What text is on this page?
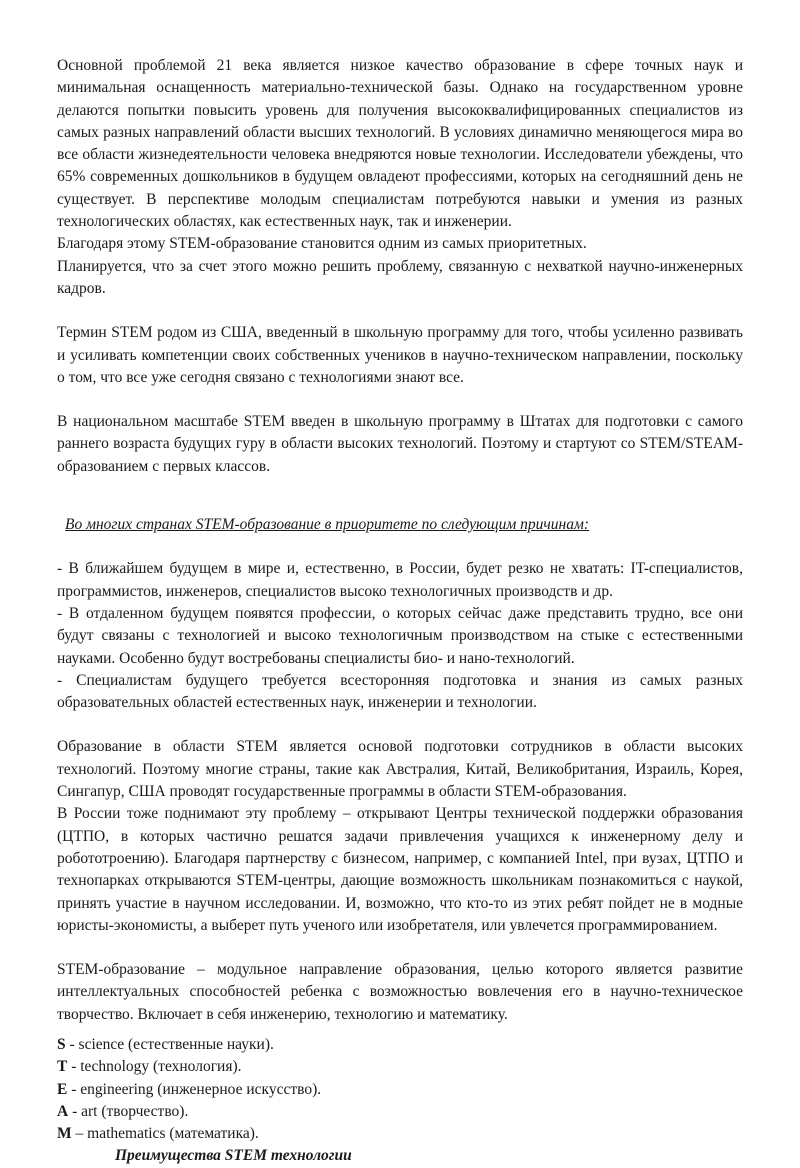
Основной проблемой 21 века является низкое качество образование в сфере точных наук и минимальная оснащенность материально-технической базы. Однако на государственном уровне делаются попытки повысить уровень для получения высококвалифицированных специалистов из самых разных направлений области высших технологий. В условиях динамично меняющегося мира во все области жизнедеятельности человека внедряются новые технологии. Исследователи убеждены, что 65% современных дошкольников в будущем овладеют профессиями, которых на сегодняшний день не существует. В перспективе молодым специалистам потребуются навыки и умения из разных технологических областях, как естественных наук, так и инженерии.

Благодаря этому STEM-образование становится одним из самых приоритетных.

Планируется, что за счет этого можно решить проблему, связанную с нехваткой научно-инженерных кадров.

Термин STEM родом из США, введенный в школьную программу для того, чтобы усиленно развивать и усиливать компетенции своих собственных учеников в научно-техническом направлении, поскольку о том, что все уже сегодня связано с технологиями знают все.

В национальном масштабе STEM введен в школьную программу в Штатах для подготовки с самого раннего возраста будущих гуру в области высоких технологий. Поэтому и стартуют со STEM/STEAM-образованием с первых классов.

Во многих странах STEM-образование в приоритете по следующим причинам:

- В ближайшем будущем в мире и, естественно, в России, будет резко не хватать: IT-специалистов, программистов, инженеров, специалистов высоко технологичных производств и др.

- В отдаленном будущем появятся профессии, о которых сейчас даже представить трудно, все они будут связаны с технологией и высоко технологичным производством на стыке с естественными науками. Особенно будут востребованы специалисты био- и нано-технологий.

- Специалистам будущего требуется всесторонняя подготовка и знания из самых разных образовательных областей естественных наук, инженерии и технологии.

Образование в области STEM является основой подготовки сотрудников в области высоких технологий. Поэтому многие страны, такие как Австралия, Китай, Великобритания, Израиль, Корея, Сингапур, США проводят государственные программы в области STEM-образования.

В России тоже поднимают эту проблему – открывают Центры технической поддержки образования (ЦТПО, в которых частично решатся задачи привлечения учащихся к инженерному делу и робототроению). Благодаря партнерству с бизнесом, например, с компанией Intel, при вузах, ЦТПО и технопарках открываются STEM-центры, дающие возможность школьникам познакомиться с наукой, принять участие в научном исследовании. И, возможно, что кто-то из этих ребят пойдет не в модные юристы-экономисты, а выберет путь ученого или изобретателя, или увлечется программированием.

STEM-образование – модульное направление образования, целью которого является развитие интеллектуальных способностей ребенка с возможностью вовлечения его в научно-техническое творчество. Включает в себя инженерию, технологию и математику.

S - science (естественные науки).

T - technology (технология).

E - engineering (инженерное искусство).

A - art (творчество).

M – mathematics (математика).

Преимущества STEM технологии
